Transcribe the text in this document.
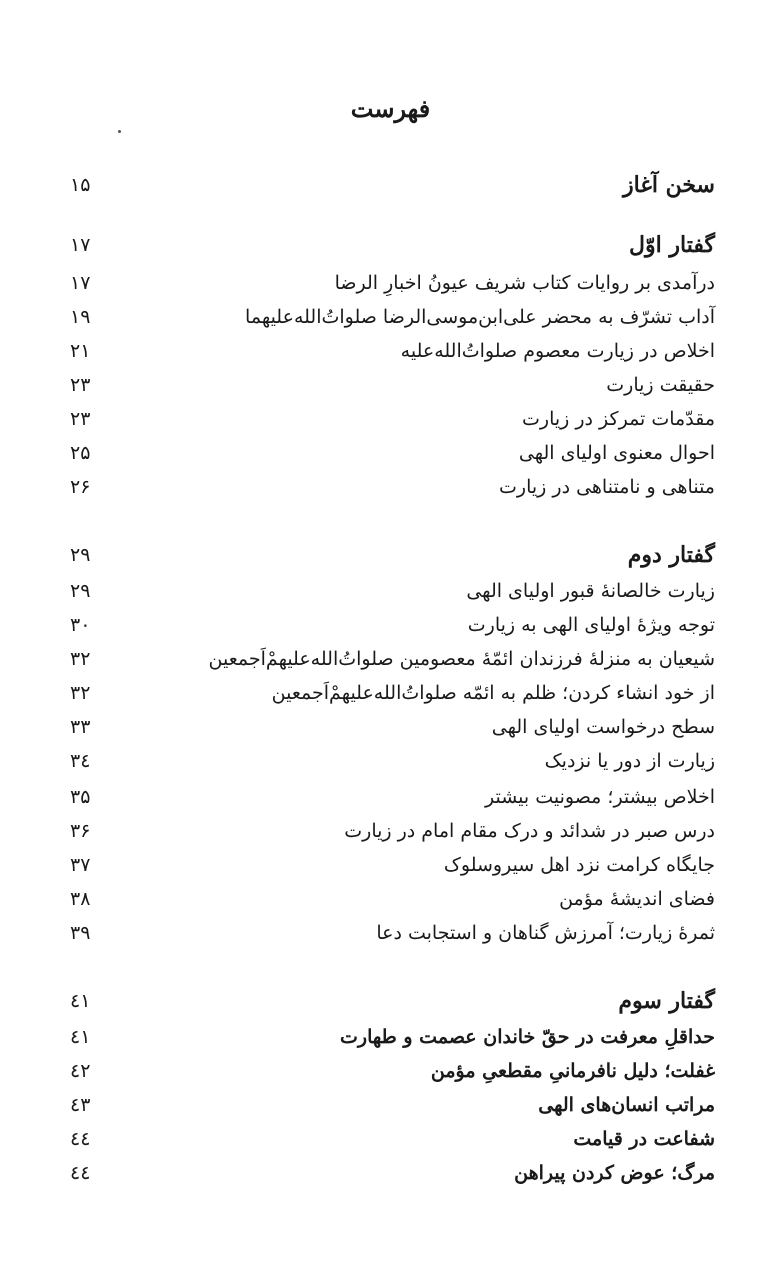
فهرست
سخن آغاز
۱۵
گفتار اوّل
۱۷
درآمدی بر روایات کتاب شریف عیونُ اخبارِ الرضا
۱۷
آداب تشرّف به محضر علی‌ابن‌موسی‌الرضا صلواتُ‌الله‌علیهما
۱۹
اخلاص در زیارت معصوم صلواتُ‌الله‌علیه
۲۱
حقیقت زیارت
۲۳
مقدّمات تمرکز در زیارت
۲۳
احوال معنوی اولیای الهی
۲۵
متناهی و نامتناهی در زیارت
۲۶
گفتار دوم
۲۹
زیارت خالصانهٔ قبور اولیای الهی
۲۹
توجه ویژهٔ اولیای الهی به زیارت
۳۰
شیعیان به منزلهٔ فرزندان ائمّهٔ معصومین صلواتُ‌الله‌علیهمْ‌اَجمعین
۳۲
از خود انشاء کردن؛ ظلم به ائمّه صلواتُ‌الله‌علیهمْ‌اَجمعین
۳۲
سطح درخواست اولیای الهی
۳۳
زیارت از دور یا نزدیک
۳٤
اخلاص بیشتر؛ مصونیت بیشتر
۳۵
درس صبر در شدائد و درک مقام امام در زیارت
۳۶
جایگاه کرامت نزد اهل سیروسلوک
۳۷
فضای اندیشهٔ مؤمن
۳۸
ثمرهٔ زیارت؛ آمرزش گناهان و استجابت دعا
۳۹
گفتار سوم
٤۱
حداقلِ معرفت در حقّ خاندان عصمت و طهارت
٤۱
غفلت؛ دلیل نافرمانیِ مقطعیِ مؤمن
٤۲
مراتب انسان‌های الهی
٤۳
شفاعت در قیامت
٤٤
مرگ؛ عوض کردن پیراهن
٤٤
